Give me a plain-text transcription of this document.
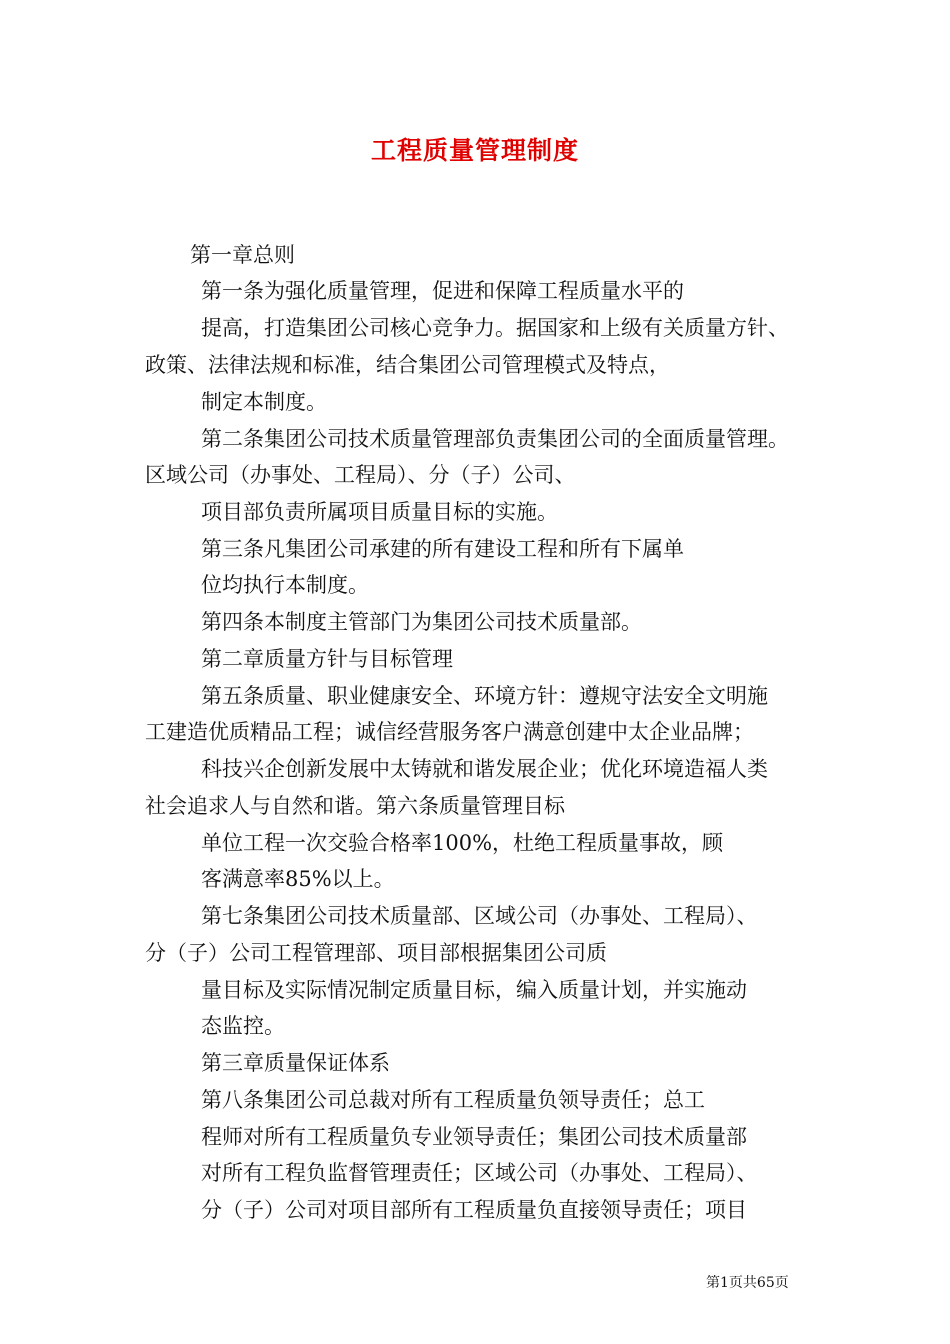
工程质量管理制度
第一章总则
第一条为强化质量管理，促进和保障工程质量水平的
提高，打造集团公司核心竞争力。据国家和上级有关质量方针、
政策、法律法规和标准，结合集团公司管理模式及特点，
制定本制度。
第二条集团公司技术质量管理部负责集团公司的全面质量管理。
区域公司（办事处、工程局）、分（子）公司、
项目部负责所属项目质量目标的实施。
第三条凡集团公司承建的所有建设工程和所有下属单
位均执行本制度。
第四条本制度主管部门为集团公司技术质量部。
第二章质量方针与目标管理
第五条质量、职业健康安全、环境方针：遵规守法安全文明施
工建造优质精品工程；诚信经营服务客户满意创建中太企业品牌；
科技兴企创新发展中太铸就和谐发展企业；优化环境造福人类
社会追求人与自然和谐。第六条质量管理目标
单位工程一次交验合格率100%，杜绝工程质量事故，顾
客满意率85%以上。
第七条集团公司技术质量部、区域公司（办事处、工程局）、
分（子）公司工程管理部、项目部根据集团公司质
量目标及实际情况制定质量目标，编入质量计划，并实施动
态监控。
第三章质量保证体系
第八条集团公司总裁对所有工程质量负领导责任；总工
程师对所有工程质量负专业领导责任；集团公司技术质量部
对所有工程负监督管理责任；区域公司（办事处、工程局）、
分（子）公司对项目部所有工程质量负直接领导责任；项目
第1页共65页
